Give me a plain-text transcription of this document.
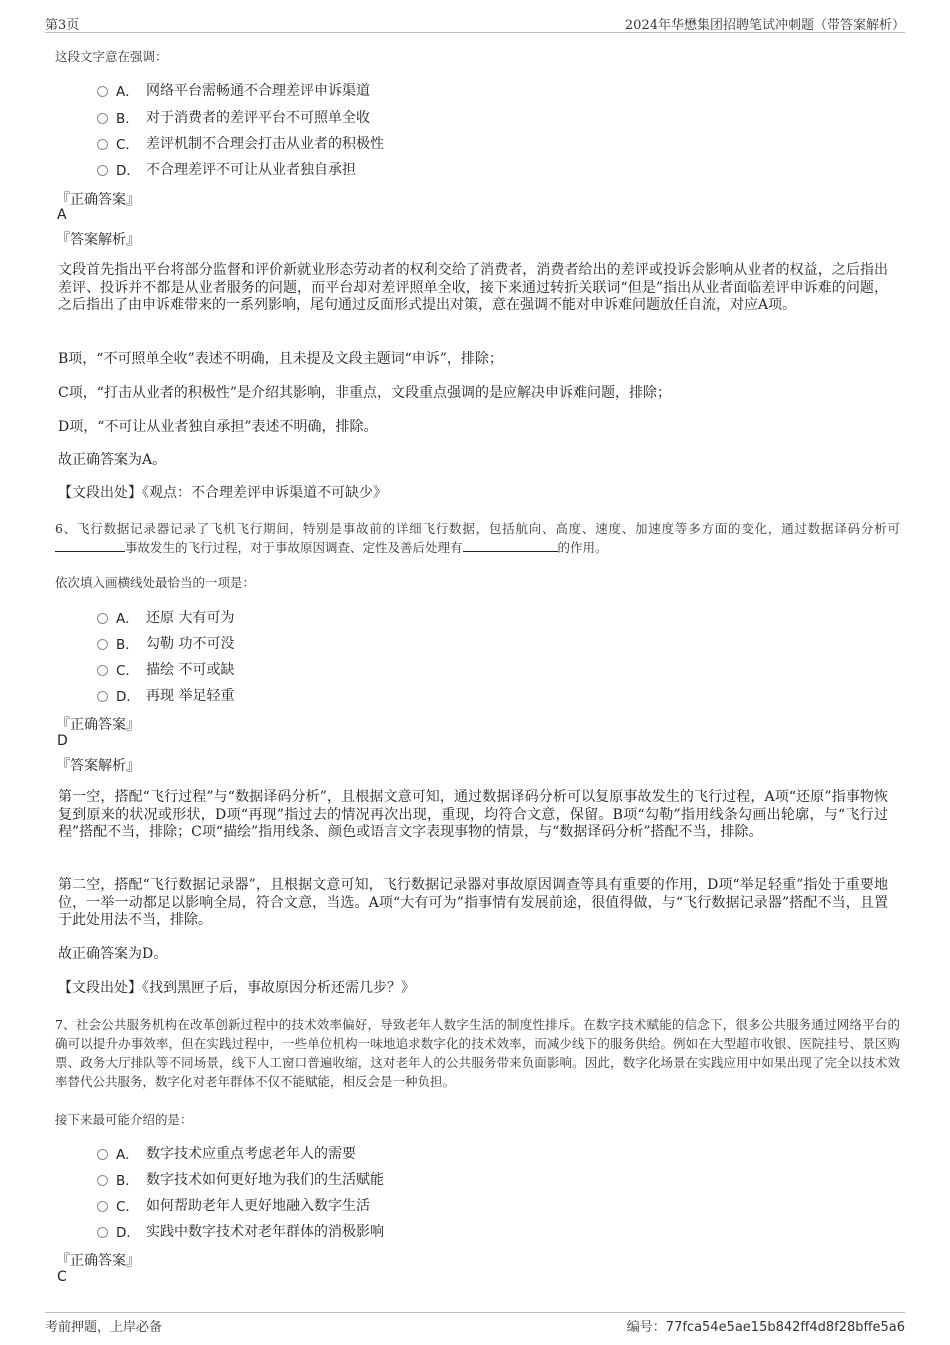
第3页	2024年华懋集团招聘笔试冲刺题（带答案解析）
这段文字意在强调：
A． 网络平台需畅通不合理差评申诉渠道
B． 对于消费者的差评平台不可照单全收
C． 差评机制不合理会打击从业者的积极性
D． 不合理差评不可让从业者独自承担
『正确答案』
A
『答案解析』
文段首先指出平台将部分监督和评价新就业形态劳动者的权利交给了消费者，消费者给出的差评或投诉会影响从业者的权益，之后指出差评、投诉并不都是从业者服务的问题，而平台却对差评照单全收，接下来通过转折关联词“但是”指出从业者面临差评申诉难的问题，之后指出了由申诉难带来的一系列影响，尾句通过反面形式提出对策，意在强调不能对申诉难问题放任自流，对应A项。
B项，“不可照单全收”表述不明确，且未提及文段主题词“申诉”，排除；
C项，“打击从业者的积极性”是介绍其影响，非重点，文段重点强调的是应解决申诉难问题，排除；
D项，“不可让从业者独自承担”表述不明确，排除。
故正确答案为A。
【文段出处】《观点：不合理差评申诉渠道不可缺少》
6、飞行数据记录器记录了飞机飞行期间，特别是事故前的详细飞行数据，包括航向、高度、速度、加速度等多方面的变化，通过数据译码分析可事故发生的飞行过程，对于事故原因调查、定性及善后处理有	的作用。
依次填入画横线处最恰当的一项是：
A． 还原 大有可为
B． 勾勒 功不可没
C． 描绘 不可或缺
D． 再现 举足轻重
『正确答案』
D
『答案解析』
第一空，搭配“飞行过程”与“数据译码分析”，且根据文意可知，通过数据译码分析可以复原事故发生的飞行过程，A项“还原”指事物恢复到原来的状况或形状，D项“再现”指过去的情况再次出现，重现，均符合文意，保留。B项“勾勒”指用线条勾画出轮廓，与“飞行过程”搭配不当，排除；C项“描绘”指用线条、颜色或语言文字表现事物的情景，与“数据译码分析”搭配不当，排除。
第二空，搭配“飞行数据记录器”，且根据文意可知，飞行数据记录器对事故原因调查等具有重要的作用，D项“举足轻重”指处于重要地位，一举一动都足以影响全局，符合文意，当选。A项“大有可为”指事情有发展前途，很值得做，与“飞行数据记录器”搭配不当，且置于此处用法不当，排除。
故正确答案为D。
【文段出处】《找到黑匣子后，事故原因分析还需几步？》
7、社会公共服务机构在改革创新过程中的技术效率偏好，导致老年人数字生活的制度性排斥。在数字技术赋能的信念下，很多公共服务通过网络平台的确可以提升办事效率，但在实践过程中，一些单位机构一味地追求数字化的技术效率，而减少线下的服务供给。例如在大型超市收银、医院挂号、景区购票、政务大厅排队等不同场景，线下人工窗口普遍收缩，这对老年人的公共服务带来负面影响。因此，数字化场景在实践应用中如果出现了完全以技术效率替代公共服务，数字化对老年群体不仅不能赋能，相反会是一种负担。
接下来最可能介绍的是：
A． 数字技术应重点考虑老年人的需要
B． 数字技术如何更好地为我们的生活赋能
C． 如何帮助老年人更好地融入数字生活
D． 实践中数字技术对老年群体的消极影响
『正确答案』
C
考前押题，上岸必备	编号：77fca54e5ae15b842ff4d8f28bffe5a6
